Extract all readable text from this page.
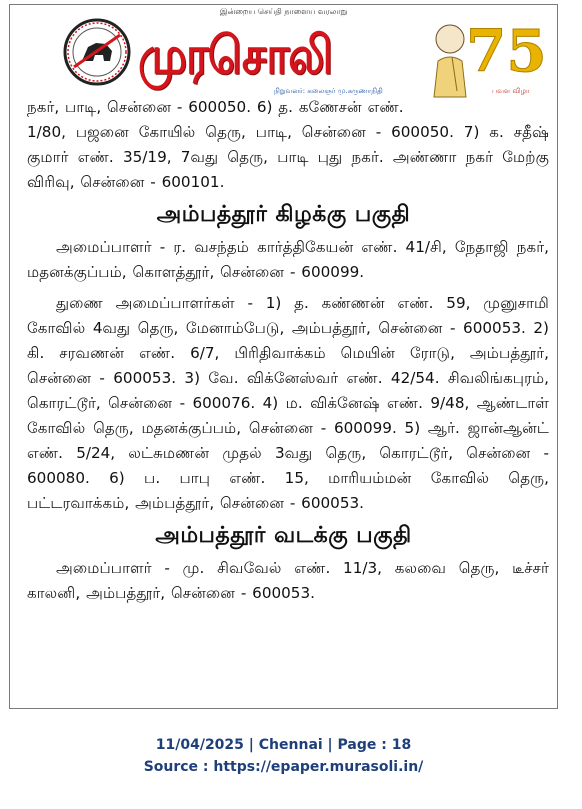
இன்றைய செய்தி நாளைய வரலாறு
முரசொலி
நிறுவனர்: கலைஞர் மு.கருணாநிதி
75
பவள விழா

நகர், பாடி, சென்னை - 600050. 6) த. கணேசன் எண்.

1/80, பஜனை கோயில் தெரு, பாடி, சென்னை - 600050. 7) க. சதீஷ் குமார் எண். 35/19, 7வது தெரு, பாடி புது நகர். அண்ணா நகர் மேற்கு விரிவு, சென்னை - 600101.

அம்பத்தூர் கிழக்கு பகுதி

அமைப்பாளர் - ர. வசந்தம் கார்த்திகேயன் எண். 41/சி, நேதாஜி நகர், மதனக்குப்பம், கொளத்தூர், சென்னை - 600099.

துணை அமைப்பாளர்கள் - 1) த. கண்ணன் எண். 59, முனுசாமி கோவில் 4வது தெரு, மேனாம்பேடு, அம்பத்தூர், சென்னை - 600053. 2) கி. சரவணன் எண். 6/7, பிரிதிவாக்கம் மெயின் ரோடு, அம்பத்தூர், சென்னை - 600053. 3) வே. விக்னேஸ்வர் எண். 42/54. சிவலிங்கபுரம், கொரட்டூர், சென்னை - 600076. 4) ம. விக்னேஷ் எண். 9/48, ஆண்டாள் கோவில் தெரு, மதனக்குப்பம், சென்னை - 600099. 5) ஆர். ஜான்ஆன்ட் எண். 5/24, லட்சுமணன் முதல் 3வது தெரு, கொரட்டூர், சென்னை - 600080. 6) ப. பாபு எண். 15, மாரியம்மன் கோவில் தெரு, பட்டரவாக்கம், அம்பத்தூர், சென்னை - 600053.

அம்பத்தூர் வடக்கு பகுதி

அமைப்பாளர் - மு. சிவவேல் எண். 11/3, கலவை தெரு, டீச்சர் காலனி, அம்பத்தூர், சென்னை - 600053.

11/04/2025 | Chennai | Page : 18
Source : https://epaper.murasoli.in/
